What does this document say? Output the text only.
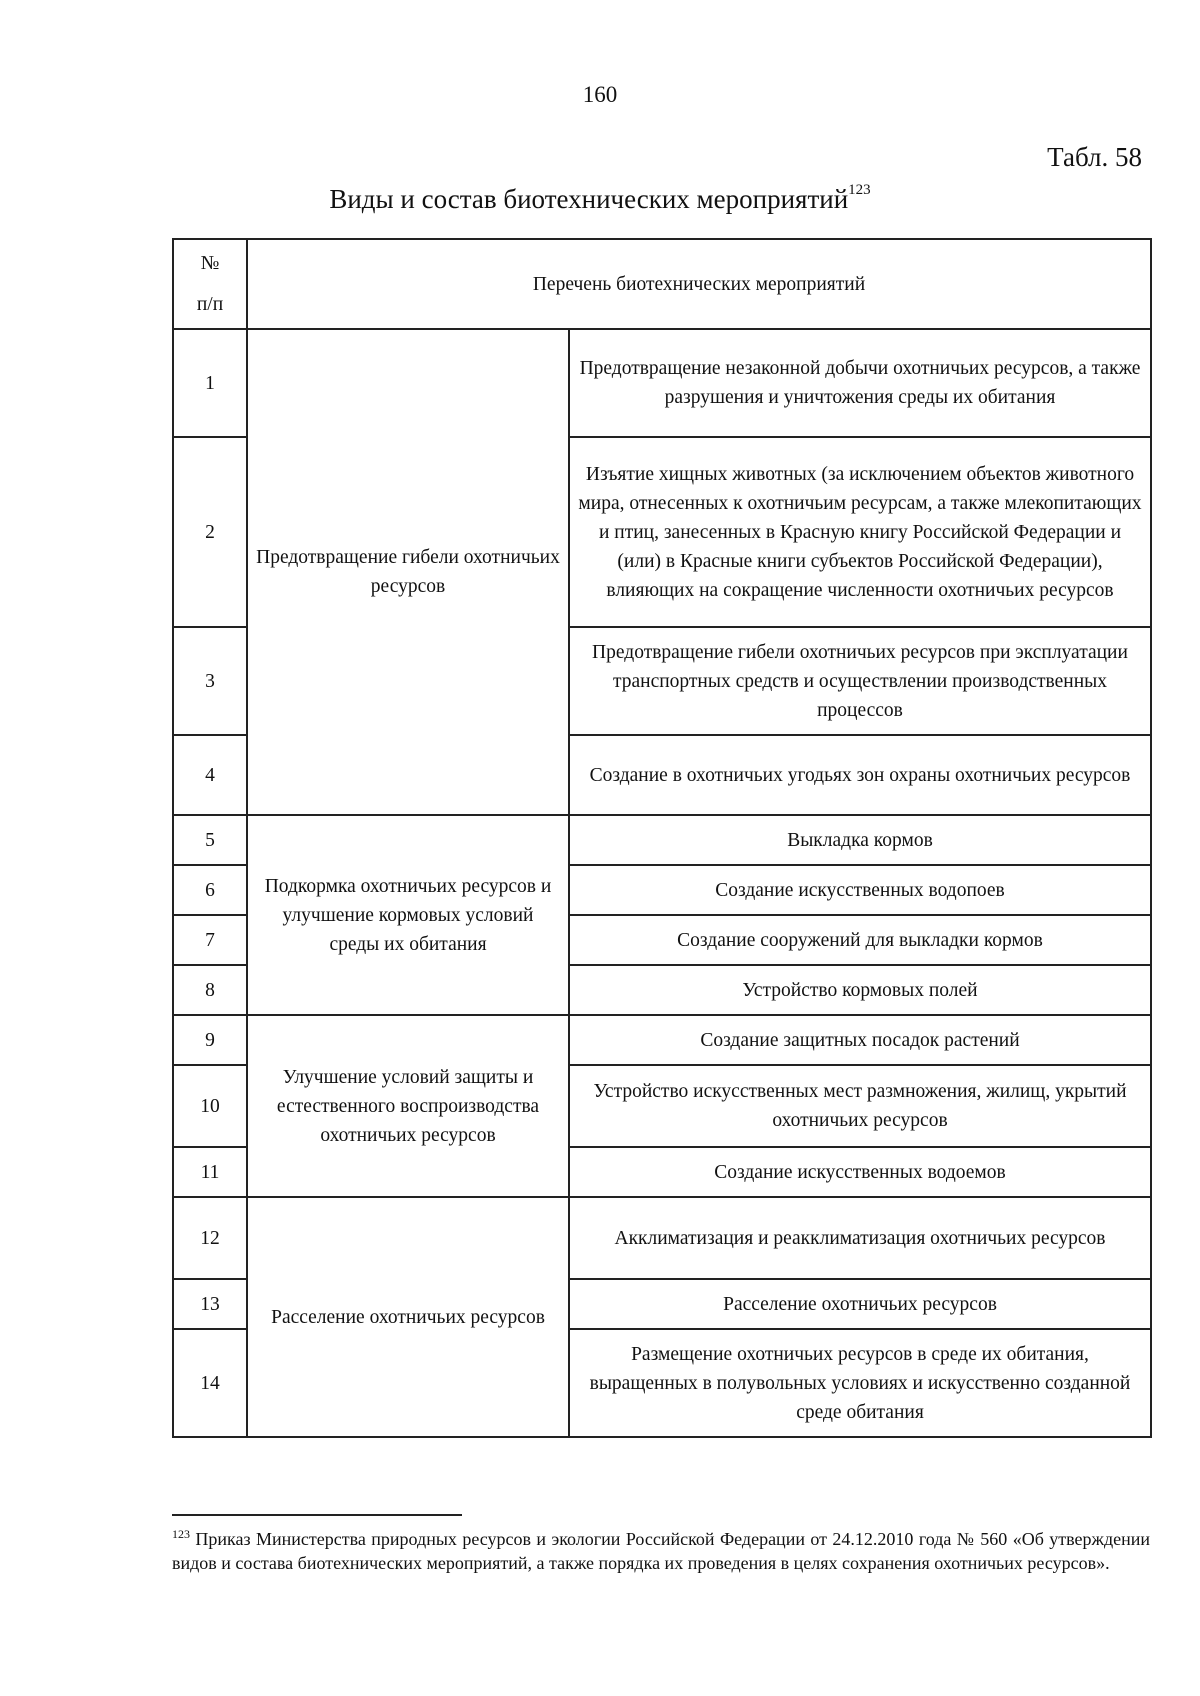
160
Табл. 58
Виды и состав биотехнических мероприятий$^{123}$
№
п/п	Перечень биотехнических мероприятий	
1	Предотвращение гибели охотничьих ресурсов	Предотвращение незаконной добычи охотничьих ресурсов, а также разрушения и уничтожения среды их обитания
2		Изъятие хищных животных (за исключением объектов животного мира, отнесенных к охотничьим ресурсам, а также млекопитающих и птиц, занесенных в Красную книгу Российской Федерации и (или) в Красные книги субъектов Российской Федерации), влияющих на сокращение численности охотничьих ресурсов
3		Предотвращение гибели охотничьих ресурсов при эксплуатации транспортных средств и осуществлении производственных процессов
4		Создание в охотничьих угодьях зон охраны охотничьих ресурсов
5	Подкормка охотничьих ресурсов и улучшение кормовых условий среды их обитания	Выкладка кормов
6		Создание искусственных водопоев
7		Создание сооружений для выкладки кормов
8		Устройство кормовых полей
9	Улучшение условий защиты и естественного воспроизводства охотничьих ресурсов	Создание защитных посадок растений
10		Устройство искусственных мест размножения, жилищ, укрытий охотничьих ресурсов
11		Создание искусственных водоемов
12	Расселение охотничьих ресурсов	Акклиматизация и реакклиматизация охотничьих ресурсов
13		Расселение охотничьих ресурсов
14		Размещение охотничьих ресурсов в среде их обитания, выращенных в полувольных условиях и искусственно созданной среде обитания
$^{123}$ Приказ Министерства природных ресурсов и экологии Российской Федерации от 24.12.2010 года № 560 «Об утверждении видов и состава биотехнических мероприятий, а также порядка их проведения в целях сохранения охотничьих ресурсов».
